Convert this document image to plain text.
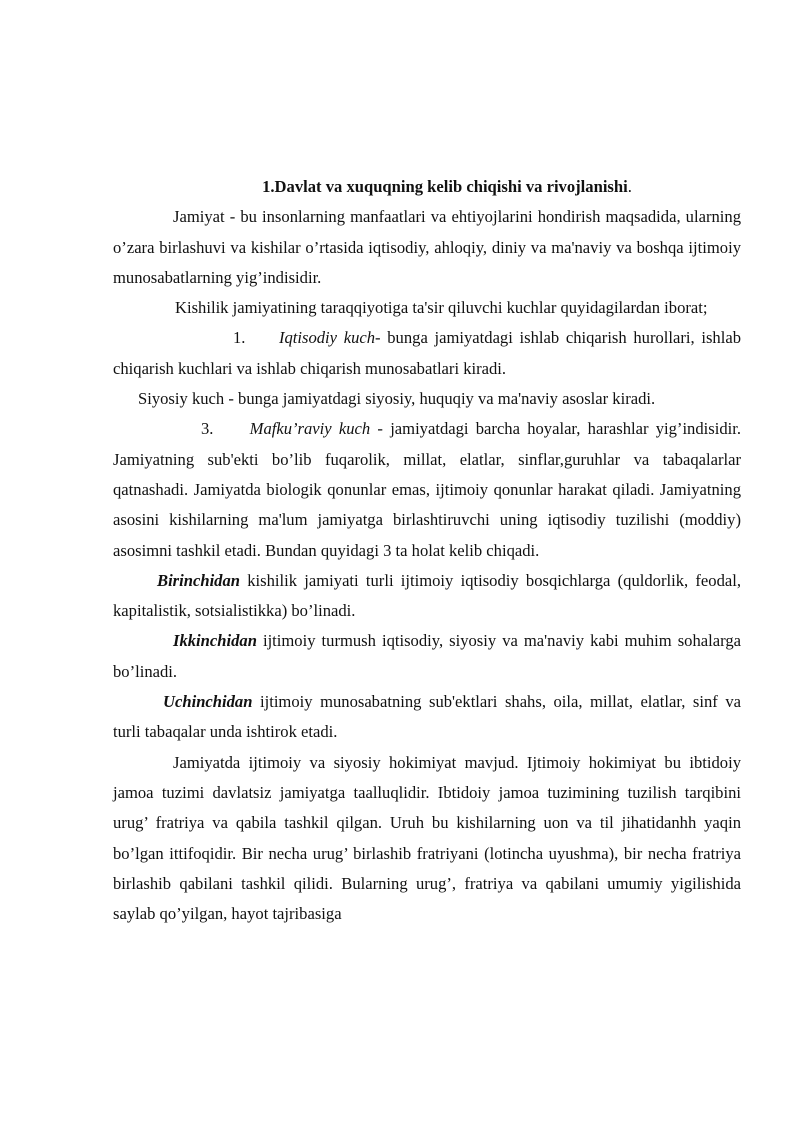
1.Davlat va xuquqning kelib chiqishi va rivojlanishi.

Jamiyat - bu insonlarning manfaatlari va ehtiyojlarini hondirish maqsadida, ularning o’zara birlashuvi va kishilar o’rtasida iqtisodiy, ahloqiy, diniy va ma'naviy va boshqa ijtimoiy munosabatlarning yig’indisidir.

Kishilik jamiyatining taraqqiyotiga ta'sir qiluvchi kuchlar quyidagilardan iborat;

1. Iqtisodiy kuch- bunga jamiyatdagi ishlab chiqarish hurollari, ishlab chiqarish kuchlari va ishlab chiqarish munosabatlari kiradi.

Siyosiy kuch - bunga jamiyatdagi siyosiy, huquqiy va ma'naviy asoslar kiradi.

3. Mafku’raviy kuch - jamiyatdagi barcha hoyalar, harashlar yig’indisidir. Jamiyatning sub'ekti bo’lib fuqarolik, millat, elatlar, sinflar,guruhlar va tabaqalarlar qatnashadi. Jamiyatda biologik qonunlar emas, ijtimoiy qonunlar harakat qiladi. Jamiyatning asosini kishilarning ma'lum jamiyatga birlashtiruvchi uning iqtisodiy tuzilishi (moddiy) asosimni tashkil etadi. Bundan quyidagi 3 ta holat kelib chiqadi.

Birinchidan kishilik jamiyati turli ijtimoiy iqtisodiy bosqichlarga (quldorlik, feodal, kapitalistik, sotsialistikka) bo’linadi.

Ikkinchidan ijtimoiy turmush iqtisodiy, siyosiy va ma'naviy kabi muhim sohalarga bo’linadi.

Uchinchidan ijtimoiy munosabatning sub'ektlari shahs, oila, millat, elatlar, sinf va turli tabaqalar unda ishtirok etadi.

Jamiyatda ijtimoiy va siyosiy hokimiyat mavjud. Ijtimoiy hokimiyat bu ibtidoiy jamoa tuzimi davlatsiz jamiyatga taalluqlidir. Ibtidoiy jamoa tuzimining tuzilish tarqibini urug’ fratriya va qabila tashkil qilgan. Uruh bu kishilarning uon va til jihatidanhh yaqin bo’lgan ittifoqidir. Bir necha urug’ birlashib fratriyani (lotincha uyushma), bir necha fratriya birlashib qabilani tashkil qilidi. Bularning urug’, fratriya va qabilani umumiy yigilishida saylab qo’yilgan, hayot tajribasiga
